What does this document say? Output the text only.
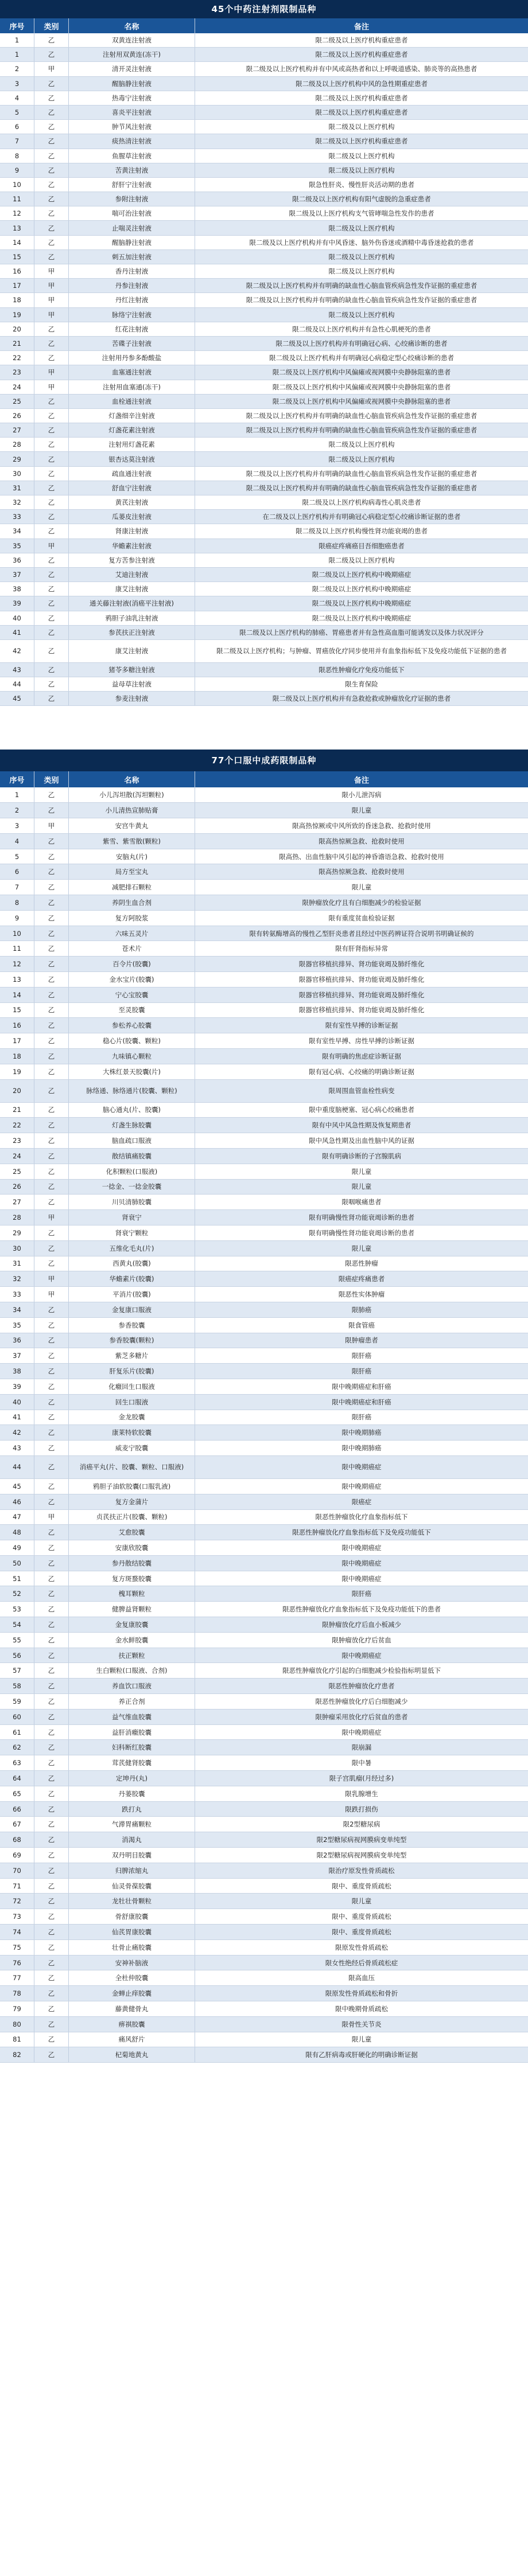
45个中药注射剂限制品种
序号	类别	名称	备注
1	乙	双黄连注射液	限二级及以上医疗机构重症患者
1	乙	注射用双黄连(冻干)	限二级及以上医疗机构重症患者
2	甲	清开灵注射液	限二级及以上医疗机构并有中风或高热者和以上呼吸道感染、肺炎等的高热患者
3	乙	醒脑静注射液	限二级及以上医疗机构中风的急性期重症患者
4	乙	热毒宁注射液	限二级及以上医疗机构重症患者
5	乙	喜炎平注射液	限二级及以上医疗机构重症患者
6	乙	肿节风注射液	限二级及以上医疗机构
7	乙	痰热清注射液	限二级及以上医疗机构重症患者
8	乙	鱼腥草注射液	限二级及以上医疗机构
9	乙	苦黄注射液	限二级及以上医疗机构
10	乙	舒肝宁注射液	限急性肝炎、慢性肝炎活动期的患者
11	乙	参附注射液	限二级及以上医疗机构有阳气虚脱的急重症患者
12	乙	喘可治注射液	限二级及以上医疗机构支气管哮喘急性发作的患者
13	乙	止喘灵注射液	限二级及以上医疗机构
14	乙	醒脑静注射液	限二级及以上医疗机构并有中风昏迷、脑外伤昏迷或酒精中毒昏迷抢救的患者
15	乙	刺五加注射液	限二级及以上医疗机构
16	甲	香丹注射液	限二级及以上医疗机构
17	甲	丹参注射液	限二级及以上医疗机构并有明确的缺血性心脑血管疾病急性发作证据的重症患者
18	甲	丹红注射液	限二级及以上医疗机构并有明确的缺血性心脑血管疾病急性发作证据的重症患者
19	甲	脉络宁注射液	限二级及以上医疗机构
20	乙	红花注射液	限二级及以上医疗机构并有急性心肌梗死的患者
21	乙	苦碟子注射液	限二级及以上医疗机构并有明确冠心病、心绞痛诊断的患者
22	乙	注射用丹参多酚酸盐	限二级及以上医疗机构并有明确冠心病稳定型心绞痛诊断的患者
23	甲	血塞通注射液	限二级及以上医疗机构中风偏瘫或视网膜中央静脉阻塞的患者
24	甲	注射用血塞通(冻干)	限二级及以上医疗机构中风偏瘫或视网膜中央静脉阻塞的患者
25	乙	血栓通注射液	限二级及以上医疗机构中风偏瘫或视网膜中央静脉阻塞的患者
26	乙	灯盏细辛注射液	限二级及以上医疗机构并有明确的缺血性心脑血管疾病急性发作证据的重症患者
27	乙	灯盏花素注射液	限二级及以上医疗机构并有明确的缺血性心脑血管疾病急性发作证据的重症患者
28	乙	注射用灯盏花素	限二级及以上医疗机构
29	乙	银杏达莫注射液	限二级及以上医疗机构
30	乙	疏血通注射液	限二级及以上医疗机构并有明确的缺血性心脑血管疾病急性发作证据的重症患者
31	乙	舒血宁注射液	限二级及以上医疗机构并有明确的缺血性心脑血管疾病急性发作证据的重症患者
32	乙	黄芪注射液	限二级及以上医疗机构病毒性心肌炎患者
33	乙	瓜蒌皮注射液	在二级及以上医疗机构并有明确冠心病稳定型心绞痛诊断证据的患者
34	乙	肾康注射液	限二级及以上医疗机构慢性肾功能衰竭的患者
35	甲	华蟾素注射液	限癌症疼痛癌目吾细胞癌患者
36	乙	复方苦参注射液	限二级及以上医疗机构
37	乙	艾迪注射液	限二级及以上医疗机构中晚期癌症
38	乙	康艾注射液	限二级及以上医疗机构中晚期癌症
39	乙	通关藤注射液(消癌平注射液)	限二级及以上医疗机构中晚期癌症
40	乙	鸦胆子油乳注射液	限二级及以上医疗机构中晚期癌症
41	乙	参芪扶正注射液	限二级及以上医疗机构的肺癌、胃癌患者并有急性高血脂可能诱发以及体力状况评分
42	乙	康艾注射液	限二级及以上医疗机构；与肿瘤、胃癌放化疗同步使用并有血象指标低下及免疫功能低下证据的患者
43	乙	猪苓多糖注射液	限恶性肿瘤化疗免疫功能低下
44	乙	益母草注射液	限生育保险
45	乙	参麦注射液	限二级及以上医疗机构并有急救抢救或肿瘤放化疗证据的患者
77个口服中成药限制品种
序号	类别	名称	备注
1	乙	小儿泻坦散(泻坦颗粒)	限小儿泄泻病
2	乙	小儿清热宣肺贴膏	限儿童
3	甲	安宫牛黄丸	限高热惊厥或中风所致的昏迷急救、抢救时使用
4	乙	紫雪、紫雪散(颗粒)	限高热惊厥急救、抢救时使用
5	乙	安脑丸(片)	限高热、出血性脑中风引起的神昏谵语急救、抢救时使用
6	乙	局方至宝丸	限高热惊厥急救、抢救时使用
7	乙	减肥排石颗粒	限儿童
8	乙	养阴生血合剂	限肿瘤放化疗且有白细胞减少的检验证据
9	乙	复方阿胶浆	限有重度贫血检验证据
10	乙	六味五灵片	限有转氨酶增高的慢性乙型肝炎患者且经过中医药辨证符合说明书明确证候的
11	乙	苍术片	限有肝肾指标异常
12	乙	百令片(胶囊)	限器官移植抗排异、肾功能衰竭及肺纤维化
13	乙	金水宝片(胶囊)	限器官移植抗排异、肾功能衰竭及肺纤维化
14	乙	宁心宝胶囊	限器官移植抗排异、肾功能衰竭及肺纤维化
15	乙	至灵胶囊	限器官移植抗排异、肾功能衰竭及肺纤维化
16	乙	参松养心胶囊	限有室性早搏的诊断证据
17	乙	稳心片(胶囊、颗粒)	限有室性早搏、房性早搏的诊断证据
18	乙	九味镇心颗粒	限有明确的焦虑症诊断证据
19	乙	大株红景天胶囊(片)	限有冠心病、心绞痛的明确诊断证据
20	乙	脉络通、脉络通片(胶囊、颗粒)	限周围血管血栓性病变
21	乙	脑心通丸(片、胶囊)	限中重度脑梗塞、冠心病心绞痛患者
22	乙	灯盏生脉胶囊	限有中风中风急性期及恢复期患者
23	乙	脑血疏口服液	限中风急性期及出血性脑中风的证据
24	乙	散结镇痛胶囊	限有明确诊断的子宫腺肌病
25	乙	化积颗粒(口服液)	限儿童
26	乙	一捻金、一捻金胶囊	限儿童
27	乙	川贝清肺胶囊	限咽喉痛患者
28	甲	肾衰宁	限有明确慢性肾功能衰竭诊断的患者
29	乙	肾衰宁颗粒	限有明确慢性肾功能衰竭诊断的患者
30	乙	五维化毛丸(片)	限儿童
31	乙	西黄丸(胶囊)	限恶性肿瘤
32	甲	华蟾素片(胶囊)	限癌症疼痛患者
33	甲	平消片(胶囊)	限恶性实体肿瘤
34	乙	金复康口服液	限肺癌
35	乙	参香胶囊	限食管癌
36	乙	参香胶囊(颗粒)	限肿瘤患者
37	乙	紫芝多糖片	限肝癌
38	乙	肝复乐片(胶囊)	限肝癌
39	乙	化癥回生口服液	限中晚期癌症和肝癌
40	乙	回生口服液	限中晚期癌症和肝癌
41	乙	金龙胶囊	限肝癌
42	乙	康莱特软胶囊	限中晚期肺癌
43	乙	威麦宁胶囊	限中晚期肺癌
44	乙	消癌平丸(片、胶囊、颗粒、口服液)	限中晚期癌症
45	乙	鸦胆子油软胶囊(口服乳液)	限中晚期癌症
46	乙	复方金蒲片	限癌症
47	甲	贞芪扶正片(胶囊、颗粒)	限恶性肿瘤放化疗血象指标低下
48	乙	艾愈胶囊	限恶性肿瘤放化疗血象指标低下及免疫功能低下
49	乙	安康欣胶囊	限中晚期癌症
50	乙	参丹散结胶囊	限中晚期癌症
51	乙	复方斑蝥胶囊	限中晚期癌症
52	乙	槐耳颗粒	限肝癌
53	乙	健脾益肾颗粒	限恶性肿瘤放化疗血象指标低下及免疫功能低下的患者
54	乙	金复康胶囊	限肿瘤放化疗后血小板减少
55	乙	金水鲜胶囊	限肿瘤放化疗后贫血
56	乙	扶正颗粒	限中晚期癌症
57	乙	生白颗粒(口服液、合剂)	限恶性肿瘤放化疗引起的白细胞减少检验指标明显低下
58	乙	养血饮口服液	限恶性肿瘤放化疗患者
59	乙	养正合剂	限恶性肿瘤放化疗后白细胞减少
60	乙	益气维血胶囊	限肿瘤采用放化疗后贫血的患者
61	乙	益肝消癥胶囊	限中晚期癌症
62	乙	妇科断红胶囊	限崩漏
63	乙	茸芪健肾胶囊	限中暑
64	乙	定坤丹(丸)	限子宫肌瘤(月经过多)
65	乙	丹蒌胶囊	限乳腺增生
66	乙	跌打丸	限跌打损伤
67	乙	气滞胃痛颗粒	限2型糖尿病
68	乙	消渴丸	限2型糖尿病视网膜病变单纯型
69	乙	双丹明目胶囊	限2型糖尿病视网膜病变单纯型
70	乙	归脾浓缩丸	限治疗原发性骨质疏松
71	乙	仙灵骨葆胶囊	限中、重度骨质疏松
72	乙	龙牡壮骨颗粒	限儿童
73	乙	骨舒康胶囊	限中、重度骨质疏松
74	乙	仙芪胃康胶囊	限中、重度骨质疏松
75	乙	壮骨止痛胶囊	限原发性骨质疏松
76	乙	安神补脑液	限女性绝经后骨质疏松症
77	乙	全杜仲胶囊	限高血压
78	乙	金蝉止痒胶囊	限原发性骨质疏松和骨折
79	乙	藤黄健骨丸	限中晚期骨质疏松
80	乙	痹祺胶囊	限骨性关节炎
81	乙	痛风舒片	限儿童
82	乙	杞菊地黄丸	限有乙肝病毒或肝硬化的明确诊断证据
